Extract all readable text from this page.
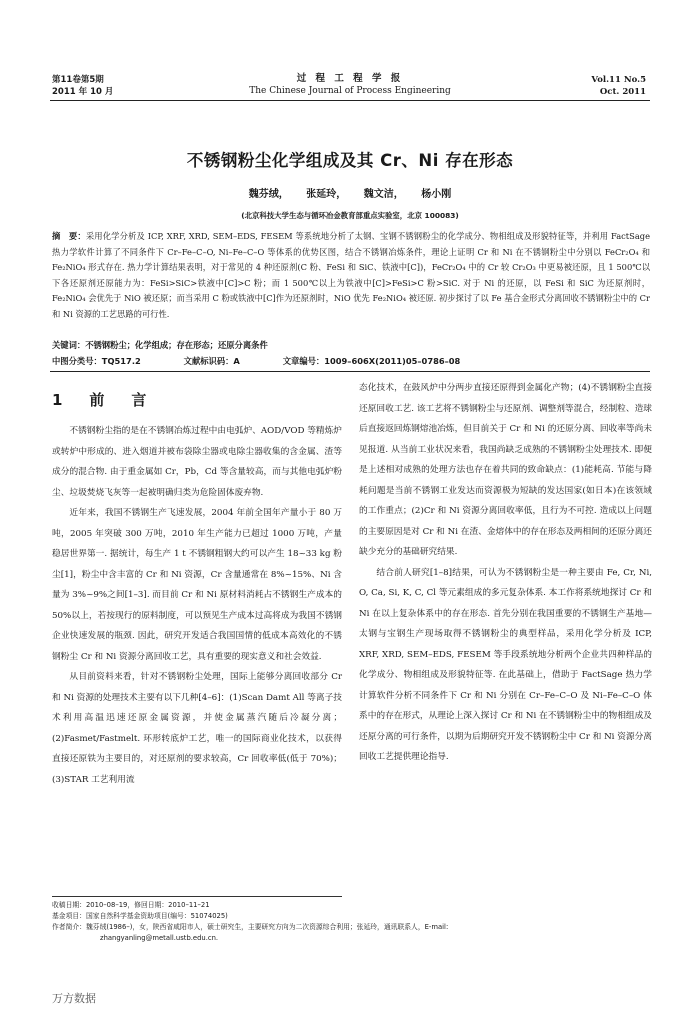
第11卷第5期
2011 年 10 月
过 程 工 程 学 报
The Chinese Journal of Process Engineering
Vol.11 No.5
Oct. 2011
不锈钢粉尘化学组成及其 Cr、Ni 存在形态
魏芬绒， 张延玲， 魏文洁， 杨小刚
(北京科技大学生态与循环冶金教育部重点实验室，北京 100083)
摘　要：采用化学分析及 ICP, XRF, XRD, SEM–EDS, FESEM 等系统地分析了太钢、宝钢不锈钢粉尘的化学成分、物相组成及形貌特征等，并利用 FactSage 热力学软件计算了不同条件下 Cr–Fe–C–O, Ni–Fe–C–O 等体系的优势区图，结合不锈钢冶炼条件，理论上证明 Cr 和 Ni 在不锈钢粉尘中分别以 FeCr₂O₄ 和 Fe₂NiO₄ 形式存在. 热力学计算结果表明，对于常见的 4 种还原剂(C 粉、FeSi 和 SiC、铁液中[C])，FeCr₂O₄ 中的 Cr 较 Cr₂O₃ 中更易被还原，且 1 500℃以下各还原剂还原能力为：FeSi>SiC>铁液中[C]>C 粉；而 1 500℃以上为铁液中[C]>FeSi>C 粉>SiC. 对于 Ni 的还原，以 FeSi 和 SiC 为还原剂时，Fe₂NiO₄ 会优先于 NiO 被还原；而当采用 C 粉或铁液中[C]作为还原剂时，NiO 优先 Fe₂NiO₄ 被还原. 初步探讨了以 Fe 基合金形式分离回收不锈钢粉尘中的 Cr 和 Ni 资源的工艺思路的可行性.
关键词：不锈钢粉尘；化学组成；存在形态；还原分离条件
中图分类号：TQ517.2	文献标识码：A	文章编号：1009–606X(2011)05–0786–08
1　前　言

不锈钢粉尘指的是在不锈钢冶炼过程中由电弧炉、AOD/VOD 等精炼炉或转炉中形成的、进入烟道并被布袋除尘器或电除尘器收集的含金属、渣等成分的混合物. 由于重金属如 Cr，Pb，Cd 等含量较高，而与其他电弧炉粉尘、垃圾焚烧飞灰等一起被明确归类为危险固体废弃物.

近年来，我国不锈钢生产飞速发展，2004 年前全国年产量小于 80 万吨，2005 年突破 300 万吨，2010 年生产能力已超过 1000 万吨，产量稳居世界第一. 据统计，每生产 1 t 不锈钢粗钢大约可以产生 18~33 kg 粉尘[1]，粉尘中含丰富的 Cr 和 Ni 资源，Cr 含量通常在 8%~15%、Ni 含量为 3%~9%之间[1–3]. 而目前 Cr 和 Ni 原材料消耗占不锈钢生产成本的 50%以上，若按现行的原料制度，可以预见生产成本过高将成为我国不锈钢企业快速发展的瓶颈. 因此，研究开发适合我国国情的低成本高效化的不锈钢粉尘 Cr 和 Ni 资源分离回收工艺，具有重要的现实意义和社会效益.

从目前资料来看，针对不锈钢粉尘处理，国际上能够分离回收部分 Cr 和 Ni 资源的处理技术主要有以下几种[4–6]：(1)Scan Damt All 等离子技术利用高温迅速还原金属资源，并使金属蒸汽随后冷凝分离；(2)Fasmet/Fastmelt. 环形转底炉工艺，唯一的国际商业化技术，以获得直接还原铁为主要目的，对还原剂的要求较高，Cr 回收率低(低于 70%)；(3)STAR 工艺利用流

态化技术，在鼓风炉中分两步直接还原得到金属化产物；(4)不锈钢粉尘直接还原回收工艺. 该工艺将不锈钢粉尘与还原剂、调整剂等混合，经制粒、造球后直接返回炼钢熔池冶炼，但目前关于 Cr 和 Ni 的还原分离、回收率等尚未见报道. 从当前工业状况来看，我国尚缺乏成熟的不锈钢粉尘处理技术. 即便是上述相对成熟的处理方法也存在着共同的致命缺点：(1)能耗高. 节能与降耗问题是当前不锈钢工业发达而资源极为短缺的发达国家(如日本)在该领域的工作重点；(2)Cr 和 Ni 资源分离回收率低，且行为不可控. 造成以上问题的主要原因是对 Cr 和 Ni 在渣、金熔体中的存在形态及两相间的还原分离还缺少充分的基础研究结果.

结合前人研究[1–8]结果，可认为不锈钢粉尘是一种主要由 Fe, Cr, Ni, O, Ca, Si, K, C, Cl 等元素组成的多元复杂体系. 本工作将系统地探讨 Cr 和 Ni 在以上复杂体系中的存在形态. 首先分别在我国重要的不锈钢生产基地—太钢与宝钢生产现场取得不锈钢粉尘的典型样品，采用化学分析及 ICP, XRF, XRD, SEM–EDS, FESEM 等手段系统地分析两个企业共四种样品的化学成分、物相组成及形貌特征等. 在此基础上，借助于 FactSage 热力学计算软件分析不同条件下 Cr 和 Ni 分别在 Cr–Fe–C–O 及 Ni–Fe–C–O 体系中的存在形式，从理论上深入探讨 Cr 和 Ni 在不锈钢粉尘中的物相组成及还原分离的可行条件，以期为后期研究开发不锈钢粉尘中 Cr 和 Ni 资源分离回收工艺提供理论指导.

收稿日期：2010–08–19，修回日期：2010–11–21
基金项目：国家自然科学基金资助项目(编号：51074025)
作者简介：魏芬绒(1986–)，女，陕西省咸阳市人，硕士研究生，主要研究方向为二次资源综合利用；张延玲，通讯联系人，E-mail:
zhangyanling@metall.ustb.edu.cn.
万方数据
